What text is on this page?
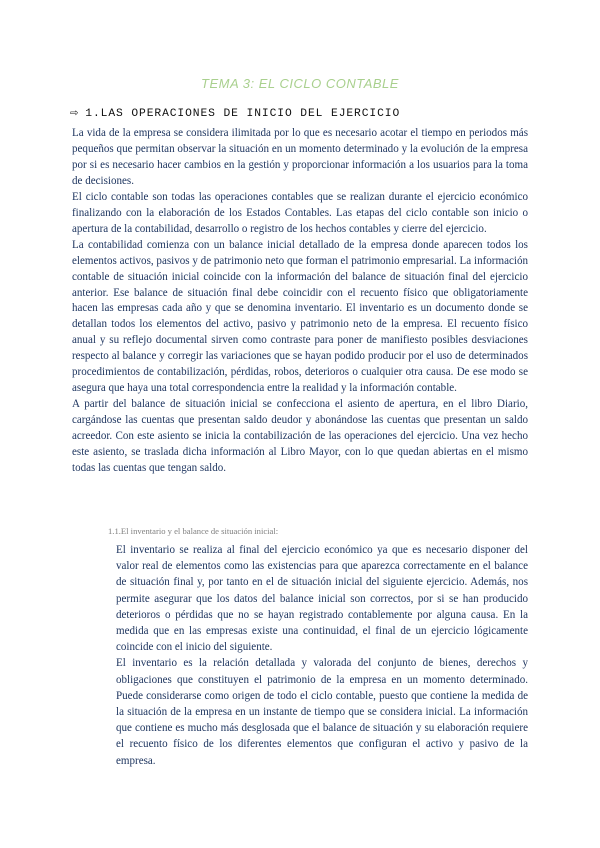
TEMA 3: EL CICLO CONTABLE
⇨ 1.LAS OPERACIONES DE INICIO DEL EJERCICIO

La vida de la empresa se considera ilimitada por lo que es necesario acotar el tiempo en periodos más pequeños que permitan observar la situación en un momento determinado y la evolución de la empresa por si es necesario hacer cambios en la gestión y proporcionar información a los usuarios para la toma de decisiones.

El ciclo contable son todas las operaciones contables que se realizan durante el ejercicio económico finalizando con la elaboración de los Estados Contables. Las etapas del ciclo contable son inicio o apertura de la contabilidad, desarrollo o registro de los hechos contables y cierre del ejercicio.

La contabilidad comienza con un balance inicial detallado de la empresa donde aparecen todos los elementos activos, pasivos y de patrimonio neto que forman el patrimonio empresarial. La información contable de situación inicial coincide con la información del balance de situación final del ejercicio anterior. Ese balance de situación final debe coincidir con el recuento físico que obligatoriamente hacen las empresas cada año y que se denomina inventario. El inventario es un documento donde se detallan todos los elementos del activo, pasivo y patrimonio neto de la empresa. El recuento físico anual y su reflejo documental sirven como contraste para poner de manifiesto posibles desviaciones respecto al balance y corregir las variaciones que se hayan podido producir por el uso de determinados procedimientos de contabilización, pérdidas, robos, deterioros o cualquier otra causa. De ese modo se asegura que haya una total correspondencia entre la realidad y la información contable.

A partir del balance de situación inicial se confecciona el asiento de apertura, en el libro Diario, cargándose las cuentas que presentan saldo deudor y abonándose las cuentas que presentan un saldo acreedor. Con este asiento se inicia la contabilización de las operaciones del ejercicio. Una vez hecho este asiento, se traslada dicha información al Libro Mayor, con lo que quedan abiertas en el mismo todas las cuentas que tengan saldo.

1.1.El inventario y el balance de situación inicial:

El inventario se realiza al final del ejercicio económico ya que es necesario disponer del valor real de elementos como las existencias para que aparezca correctamente en el balance de situación final y, por tanto en el de situación inicial del siguiente ejercicio. Además, nos permite asegurar que los datos del balance inicial son correctos, por si se han producido deterioros o pérdidas que no se hayan registrado contablemente por alguna causa. En la medida que en las empresas existe una continuidad, el final de un ejercicio lógicamente coincide con el inicio del siguiente.

El inventario es la relación detallada y valorada del conjunto de bienes, derechos y obligaciones que constituyen el patrimonio de la empresa en un momento determinado. Puede considerarse como origen de todo el ciclo contable, puesto que contiene la medida de la situación de la empresa en un instante de tiempo que se considera inicial. La información que contiene es mucho más desglosada que el balance de situación y su elaboración requiere el recuento físico de los diferentes elementos que configuran el activo y pasivo de la empresa.
